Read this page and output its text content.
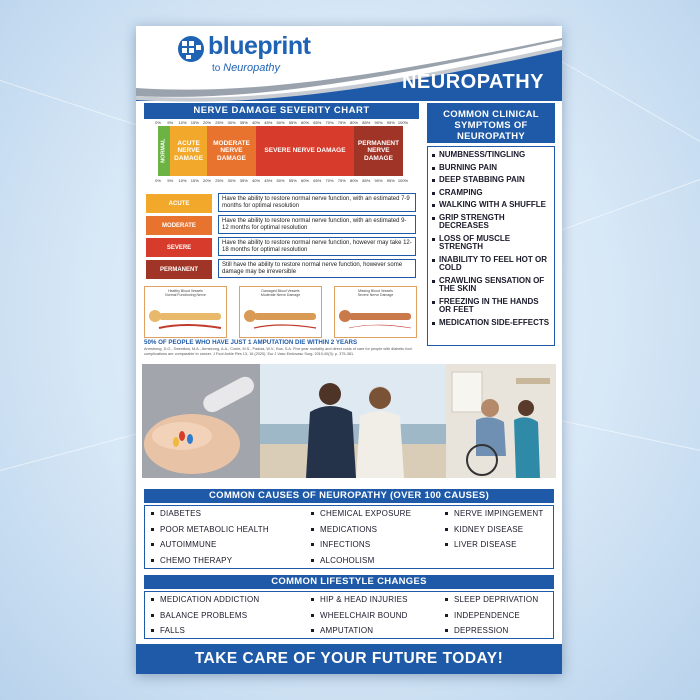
blueprint
to Neuropathy
NEUROPATHY
NERVE DAMAGE SEVERITY CHART
0% 5% 10% 15% 20% 25% 30% 35% 40% 45% 50% 55% 60% 65% 70% 75% 80% 85% 90% 95% 100%
NORMAL	ACUTE NERVE DAMAGE
MODERATE NERVE DAMAGE
SEVERE NERVE DAMAGE
PERMANENT NERVE DAMAGE
0% 5% 10% 15% 20% 25% 30% 35% 40% 45% 50% 55% 60% 65% 70% 75% 80% 85% 90% 95% 100%
ACUTE
Have the ability to restore normal nerve function, with an estimated 7-9 months for optimal resolution
MODERATE
Have the ability to restore normal nerve function, with an estimated 9-12 months for optimal resolution
SEVERE
Have the ability to restore normal nerve function, however may take 12-18 months for optimal resolution
PERMANENT
Still have the ability to restore normal nerve function, however some damage may be irreversible
Healthy Blood Vessels
Normal Functioning Nerve
Damaged Blood Vessels
Moderate Nerve Damage
Missing Blood Vessels
Severe Nerve Damage
50% OF PEOPLE WHO HAVE JUST 1 AMPUTATION DIE WITHIN 2 YEARS
Armstrong, D.G., Swerdlow, M.A., Armstrong, A.A., Conte, M.S., Padula, W.V., Bus, S.A. Five year mortality and direct costs of care for people with diabetic foot complications are comparable to cancer. J Foot Ankle Res 13, 16 (2020). Eur J Vasc Endovasc Surg. 2010;40(3): p. 375-381.
COMMON CLINICAL SYMPTOMS OF NEUROPATHY
NUMBNESS/TINGLING
BURNING PAIN
DEEP STABBING PAIN
CRAMPING
WALKING WITH A SHUFFLE
GRIP STRENGTH DECREASES
LOSS OF MUSCLE STRENGTH
INABILITY TO FEEL HOT OR COLD
CRAWLING SENSATION OF THE SKIN
FREEZING IN THE HANDS OR FEET
MEDICATION SIDE-EFFECTS
COMMON CAUSES OF NEUROPATHY (OVER 100 CAUSES)
DIABETES
POOR METABOLIC HEALTH
AUTOIMMUNE
CHEMO THERAPY
CHEMICAL EXPOSURE
MEDICATIONS
INFECTIONS
ALCOHOLISM
NERVE IMPINGEMENT
KIDNEY DISEASE
LIVER DISEASE
COMMON LIFESTYLE CHANGES
MEDICATION ADDICTION
BALANCE PROBLEMS
FALLS
HIP & HEAD INJURIES
WHEELCHAIR BOUND
AMPUTATION
SLEEP DEPRIVATION
INDEPENDENCE
DEPRESSION
TAKE CARE OF YOUR FUTURE TODAY!
